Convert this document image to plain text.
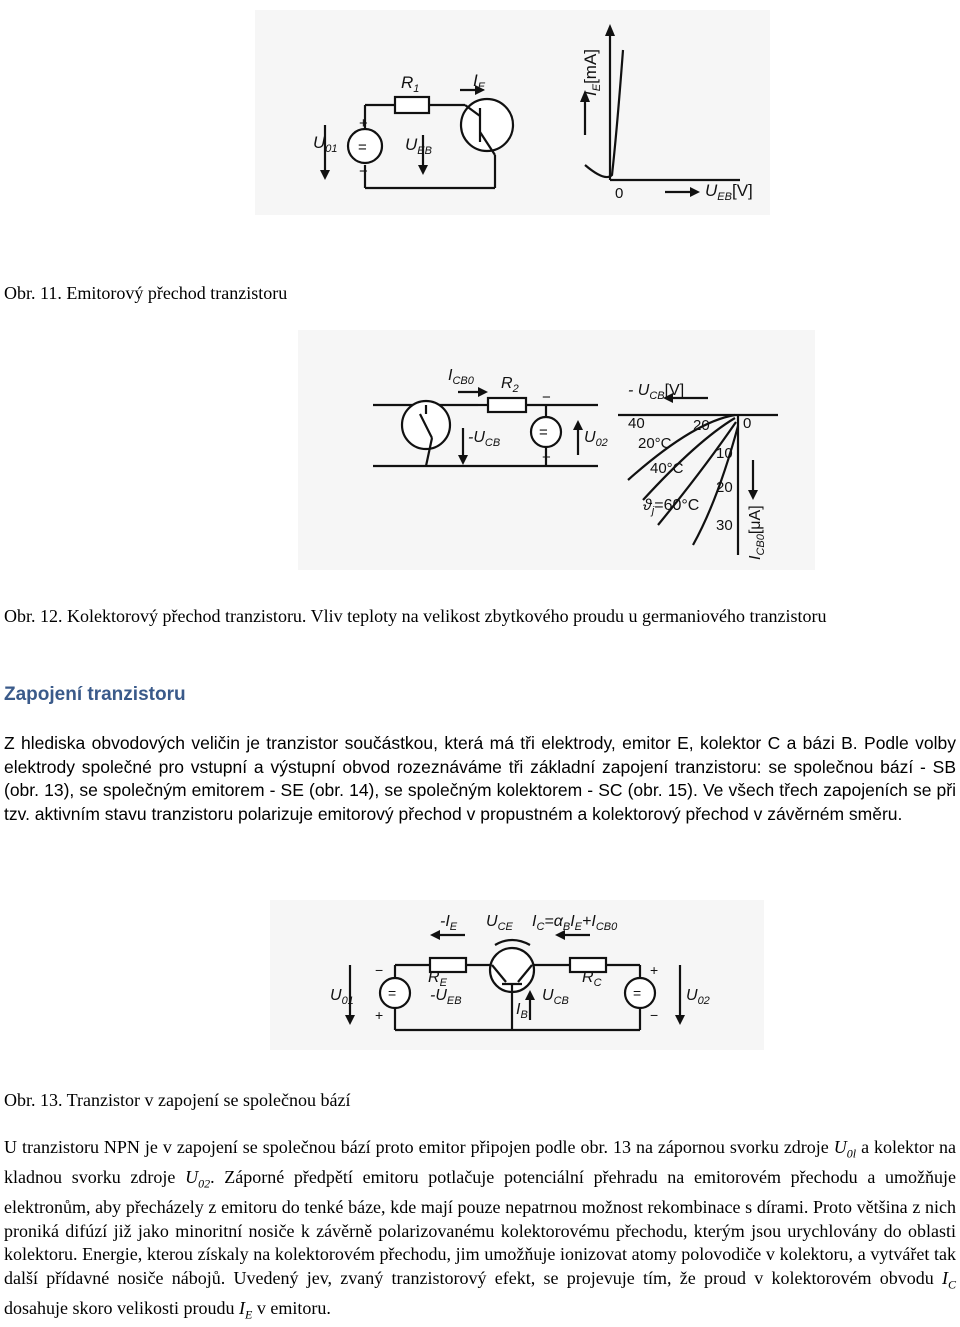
$R_1$	$I_E$
$U_{01}$	$U_{EB}$
$I_E[mA]$
$U_{EB}[V]$
0
+
−
=
Obr. 11. Emitorový přechod tranzistoru
$I_{CB0}$ $R_2$
$-U_{CB}$	$U_{02}$
- $U_{CB}[V]$
$I_{CB0}[\mu A]$
$ϑ_j=60^\circ C$
40	20 0
20°C
40°C
10
20
30
−
+
=
Obr. 12. Kolektorový přechod tranzistoru. Vliv teploty na velikost zbytkového proudu u germaniového tranzistoru
Zapojení tranzistoru
Z hlediska obvodových veličin je tranzistor součástkou, která má tři elektrody, emitor E, kolektor C a bázi B. Podle volby elektrody společné pro vstupní a výstupní obvod rozeznáváme tři základní zapojení tranzistoru: se společnou bází - SB (obr. 13), se společným emitorem - SE (obr. 14), se společným kolektorem - SC (obr. 15). Ve všech třech zapojeních se při tzv. aktivním stavu tranzistoru polarizuje emitorový přechod v propustném a kolektorový přechod v závěrném směru.
$-I_E$ $U_{CE}$ $I_C=\alpha_BI_E+I_{CB0}$
$R_E$	$R_C$
$U_{01}$	$-U_{EB}$	$U_{CB}$	$U_{02}$
$I_B$
−
+
=
+
−
=
Obr. 13. Tranzistor v zapojení se společnou bází
U tranzistoru NPN je v zapojení se společnou bází proto emitor připojen podle obr. 13 na zápornou svorku zdroje $U_{0l}$ a kolektor na kladnou svorku zdroje $U_{02}$. Záporné předpětí emitoru potlačuje potenciální přehradu na emitorovém přechodu a umožňuje elektronům, aby přecházely z emitoru do tenké báze, kde mají pouze nepatrnou možnost rekombinace s dírami. Proto většina z nich proniká difúzí již jako minoritní nosiče k závěrně polarizovanému kolektorovému přechodu, kterým jsou urychlovány do oblasti kolektoru. Energie, kterou získaly na kolektorovém přechodu, jim umožňuje ionizovat atomy polovodiče v kolektoru, a vytvářet tak další přídavné nosiče nábojů. Uvedený jev, zvaný tranzistorový efekt, se projevuje tím, že proud v kolektorovém obvodu $I_C$ dosahuje skoro velikosti proudu $I_E$ v emitoru.
